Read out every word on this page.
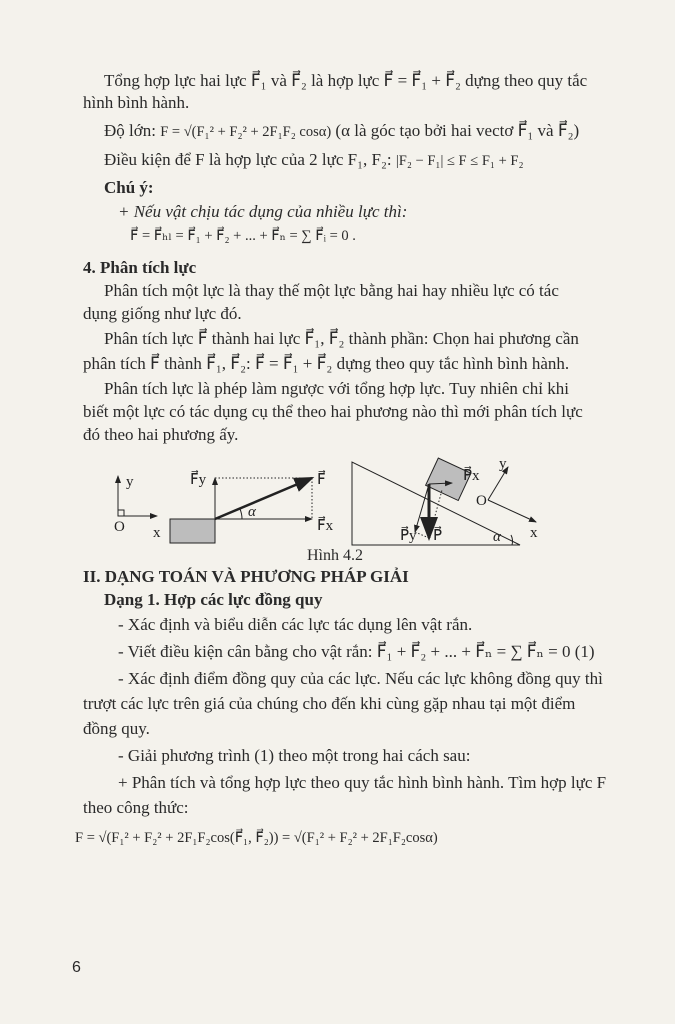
Tổng hợp lực hai lực F⃗₁ và F⃗₂ là hợp lực F⃗ = F⃗₁ + F⃗₂ dựng theo quy tắc
hình bình hành.
Độ lớn: F = √(F₁² + F₂² + 2F₁F₂ cosα) (α là góc tạo bởi hai vectơ F⃗₁ và F⃗₂)
Điều kiện để F là hợp lực của 2 lực F₁, F₂: |F₂ − F₁| ≤ F ≤ F₁ + F₂
Chú ý:
+ Nếu vật chịu tác dụng của nhiều lực thì:
F⃗ = F⃗ₕₗ = F⃗₁ + F⃗₂ + ... + F⃗ₙ = ∑ F⃗ᵢ = 0 .
4. Phân tích lực
Phân tích một lực là thay thế một lực bằng hai hay nhiều lực có tác
dụng giống như lực đó.
Phân tích lực F⃗ thành hai lực F⃗₁, F⃗₂ thành phần: Chọn hai phương cần
phân tích F⃗ thành F⃗₁, F⃗₂: F⃗ = F⃗₁ + F⃗₂ dựng theo quy tắc hình bình hành.
Phân tích lực là phép làm ngược với tổng hợp lực. Tuy nhiên chỉ khi
biết một lực có tác dụng cụ thể theo hai phương nào thì mới phân tích lực
đó theo hai phương ấy.
y
O x
F⃗y	F⃗
F⃗x
α
P⃗x
P⃗y P⃗
y
O
x
α
Hình 4.2
II. DẠNG TOÁN VÀ PHƯƠNG PHÁP GIẢI
Dạng 1. Hợp các lực đồng quy
- Xác định và biểu diễn các lực tác dụng lên vật rắn.
- Viết điều kiện cân bằng cho vật rắn: F⃗₁ + F⃗₂ + ... + F⃗ₙ = ∑ F⃗ₙ = 0 (1)
- Xác định điểm đồng quy của các lực. Nếu các lực không đồng quy thì
trượt các lực trên giá của chúng cho đến khi cùng gặp nhau tại một điểm
đồng quy.
- Giải phương trình (1) theo một trong hai cách sau:
+ Phân tích và tổng hợp lực theo quy tắc hình bình hành. Tìm hợp lực F
theo công thức:
F = √(F₁² + F₂² + 2F₁F₂cos(F⃗₁, F⃗₂)) = √(F₁² + F₂² + 2F₁F₂cosα)
6
